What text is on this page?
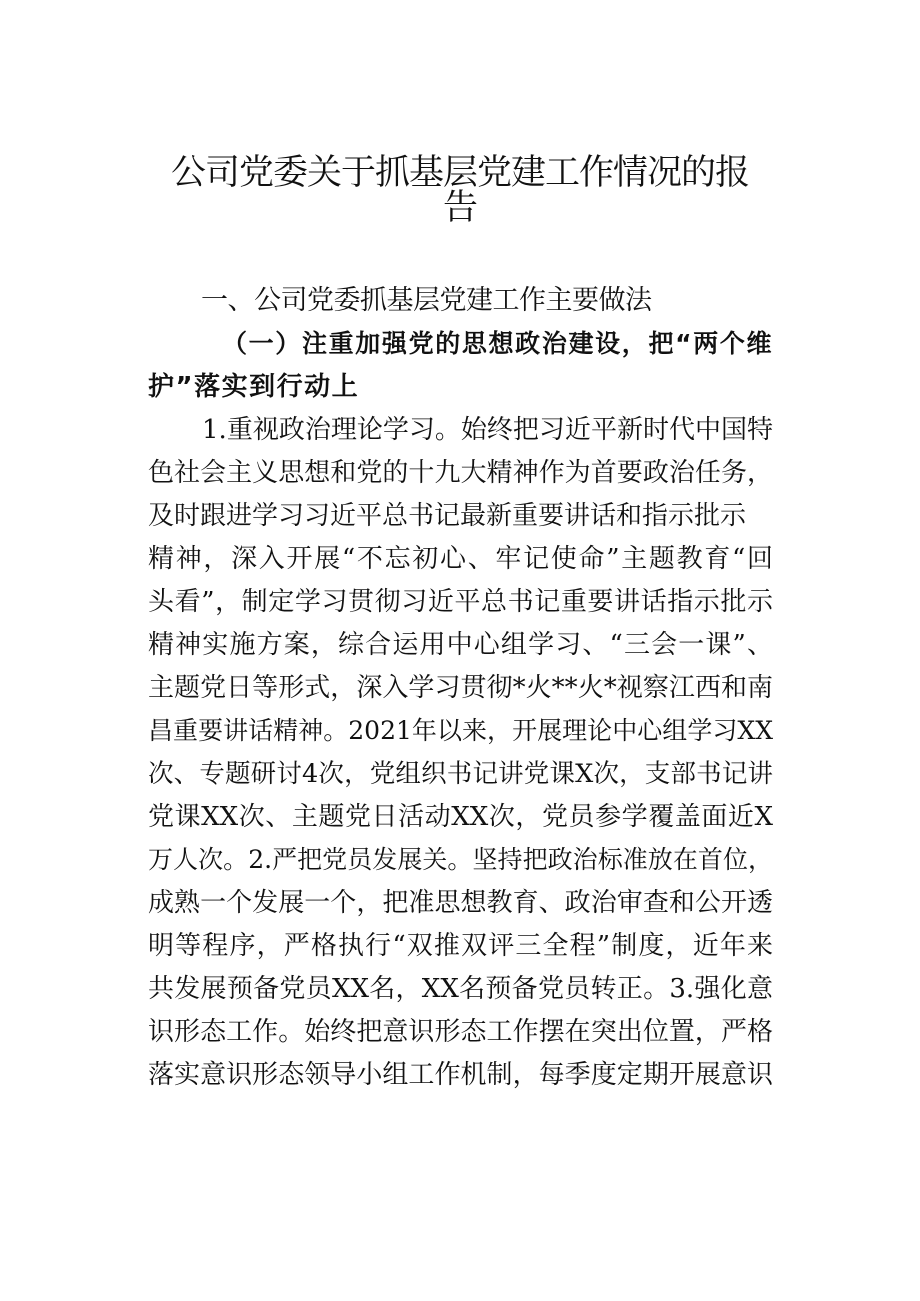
公司党委关于抓基层党建工作情况的报
告
一、公司党委抓基层党建工作主要做法
（一）注重加强党的思想政治建设，把“两个维
护”落实到行动上
1.重视政治理论学习。始终把习近平新时代中国特
色社会主义思想和党的十九大精神作为首要政治任务，
及时跟进学习习近平总书记最新重要讲话和指示批示
精神，深入开展“不忘初心、牢记使命”主题教育“回
头看”，制定学习贯彻习近平总书记重要讲话指示批示
精神实施方案，综合运用中心组学习、“三会一课”、
主题党日等形式，深入学习贯彻*火**火*视察江西和南
昌重要讲话精神。2021年以来，开展理论中心组学习XX
次、专题研讨4次，党组织书记讲党课X次，支部书记讲
党课XX次、主题党日活动XX次，党员参学覆盖面近X
万人次。2.严把党员发展关。坚持把政治标准放在首位，
成熟一个发展一个，把准思想教育、政治审查和公开透
明等程序，严格执行“双推双评三全程”制度，近年来
共发展预备党员XX名，XX名预备党员转正。3.强化意
识形态工作。始终把意识形态工作摆在突出位置，严格
落实意识形态领导小组工作机制，每季度定期开展意识
